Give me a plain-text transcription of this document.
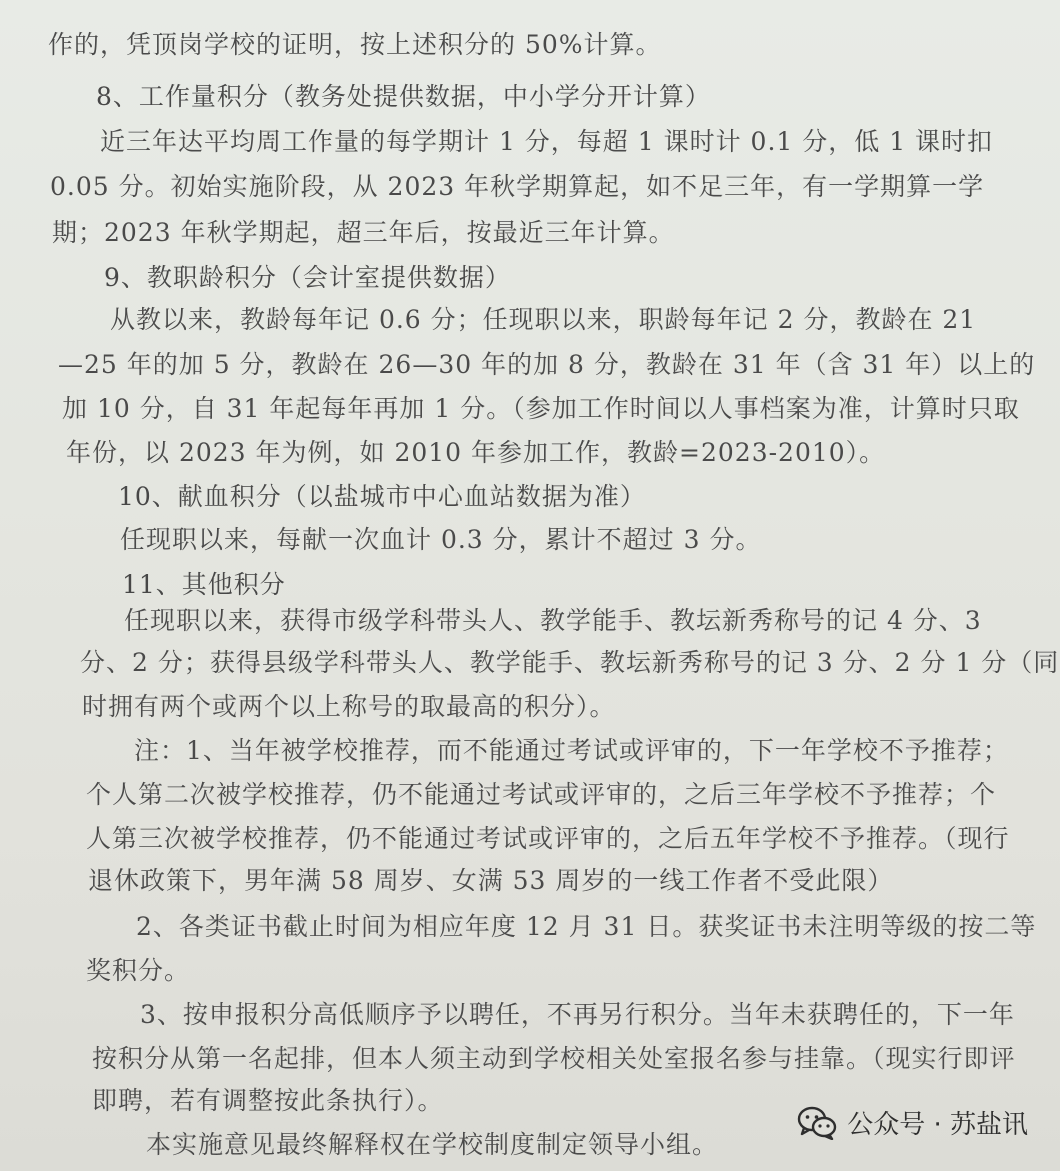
作的，凭顶岗学校的证明，按上述积分的 50%计算。
8、工作量积分（教务处提供数据，中小学分开计算）
近三年达平均周工作量的每学期计 1 分，每超 1 课时计 0.1 分，低 1 课时扣
0.05 分。初始实施阶段，从 2023 年秋学期算起，如不足三年，有一学期算一学
期；2023 年秋学期起，超三年后，按最近三年计算。
9、教职龄积分（会计室提供数据）
从教以来，教龄每年记 0.6 分；任现职以来，职龄每年记 2 分，教龄在 21
—25 年的加 5 分，教龄在 26—30 年的加 8 分，教龄在 31 年（含 31 年）以上的
加 10 分，自 31 年起每年再加 1 分。（参加工作时间以人事档案为准，计算时只取
年份，以 2023 年为例，如 2010 年参加工作，教龄=2023-2010）。
10、献血积分（以盐城市中心血站数据为准）
任现职以来，每献一次血计 0.3 分，累计不超过 3 分。
11、其他积分
任现职以来，获得市级学科带头人、教学能手、教坛新秀称号的记 4 分、3
分、2 分；获得县级学科带头人、教学能手、教坛新秀称号的记 3 分、2 分 1 分（同
时拥有两个或两个以上称号的取最高的积分）。
注：1、当年被学校推荐，而不能通过考试或评审的，下一年学校不予推荐；
个人第二次被学校推荐，仍不能通过考试或评审的，之后三年学校不予推荐；个
人第三次被学校推荐，仍不能通过考试或评审的，之后五年学校不予推荐。（现行
退休政策下，男年满 58 周岁、女满 53 周岁的一线工作者不受此限）
2、各类证书截止时间为相应年度 12 月 31 日。获奖证书未注明等级的按二等
奖积分。
3、按申报积分高低顺序予以聘任，不再另行积分。当年未获聘任的，下一年
按积分从第一名起排，但本人须主动到学校相关处室报名参与挂靠。（现实行即评
即聘，若有调整按此条执行）。
本实施意见最终解释权在学校制度制定领导小组。
公众号 · 苏盐讯
